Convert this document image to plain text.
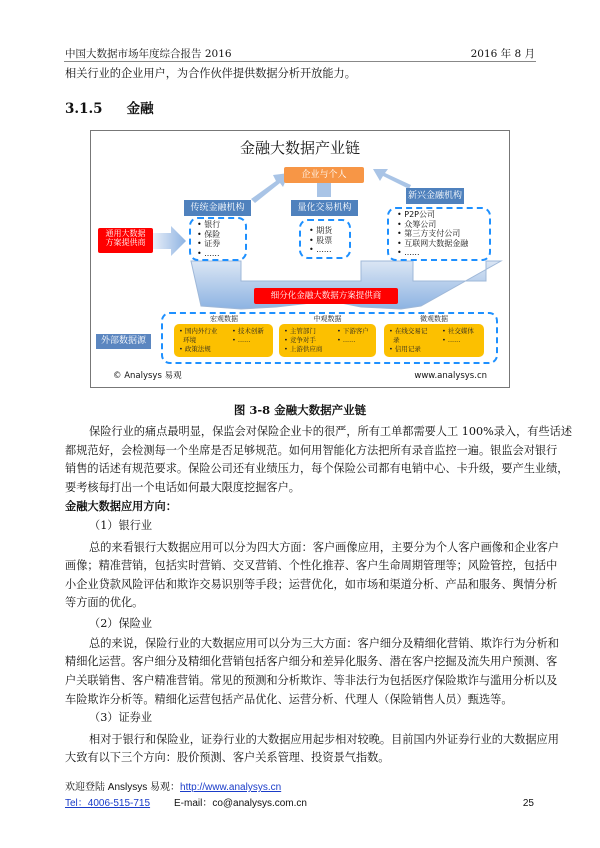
中国大数据市场年度综合报告 2016	2016 年 8 月
相关行业的企业用户，为合作伙伴提供数据分析开放能力。
3.1.5 金融
金融大数据产业链
企业与个人
传统金融机构
• 银行
• 保险
• 证券
• ......
量化交易机构
• 期货
• 股票
• ......
新兴金融机构
• P2P公司
• 众筹公司
• 第三方支付公司
• 互联网大数据金融
• ......
通用大数据方案提供商
细分化金融大数据方案提供商
外部数据源
宏观数据
• 国内外行业
环境
• 政策法规
• 技术创新
• ......
中观数据
• 主管部门
• 竞争对手
• 上游供应商
• 下游客户
• ......
微观数据
• 在线交易记
录
• 信用记录
• 社交媒体
• ......
© Analysys 易观	www.analysys.cn
图 3-8 金融大数据产业链
保险行业的痛点最明显，保监会对保险企业卡的很严，所有工单都需要人工 100%录入，有些话述
都规范好，会检测每一个坐席是否足够规范。如何用智能化方法把所有录音监控一遍。银监会对银行
销售的话述有规范要求。保险公司还有业绩压力，每个保险公司都有电销中心、卡升级，要产生业绩，
要考核每打出一个电话如何最大限度挖掘客户。
金融大数据应用方向：
（1）银行业
总的来看银行大数据应用可以分为四大方面：客户画像应用，主要分为个人客户画像和企业客户
画像；精准营销，包括实时营销、交叉营销、个性化推荐、客户生命周期管理等；风险管控，包括中
小企业贷款风险评估和欺诈交易识别等手段；运营优化，如市场和渠道分析、产品和服务、舆情分析
等方面的优化。
（2）保险业
总的来说，保险行业的大数据应用可以分为三大方面：客户细分及精细化营销、欺诈行为分析和
精细化运营。客户细分及精细化营销包括客户细分和差异化服务、潜在客户挖掘及流失用户预测、客
户关联销售、客户精准营销。常见的预测和分析欺诈、等非法行为包括医疗保险欺诈与滥用分析以及
车险欺诈分析等。精细化运营包括产品优化、运营分析、代理人（保险销售人员）甄选等。
（3）证券业
相对于银行和保险业，证券行业的大数据应用起步相对较晚。目前国内外证券行业的大数据应用
大致有以下三个方向：股价预测、客户关系管理、投资景气指数。
欢迎登陆 Anslysys 易观：http://www.analysys.cn
Tel：4006-515-715 E-mail：co@analysys.com.cn	25
